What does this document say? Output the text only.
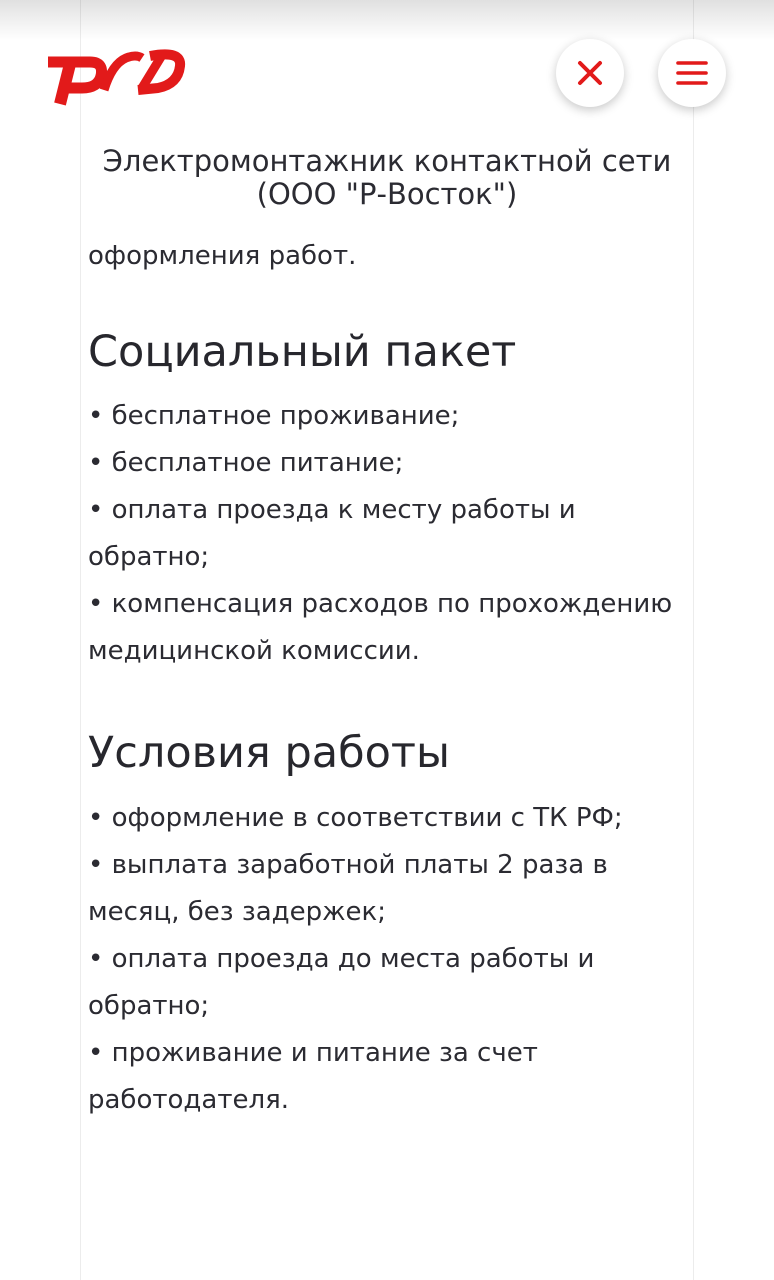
Электромонтажник контактной сети (ООО "Р-Восток")

оформления работ.

Социальный пакет
• бесплатное проживание;
• бесплатное питание;
• оплата проезда к месту работы и обратно;
• компенсация расходов по прохождению медицинской комиссии.
Условия работы
• оформление в соответствии с ТК РФ;
• выплата заработной платы 2 раза в месяц, без задержек;
• оплата проезда до места работы и обратно;
• проживание и питание за счет работодателя.
